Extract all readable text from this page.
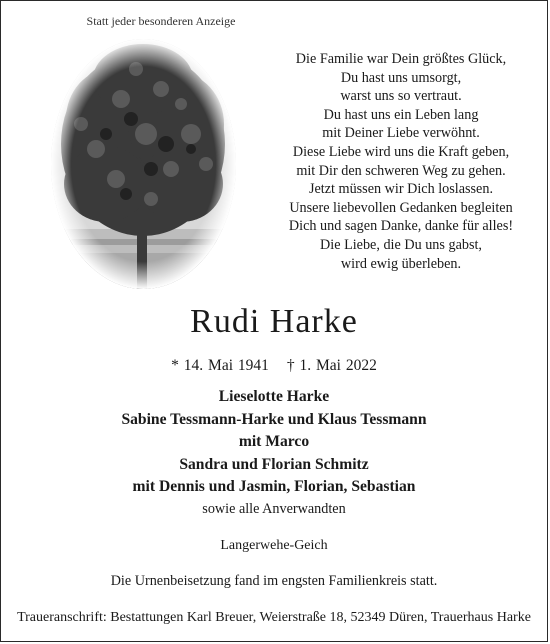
Statt jeder besonderen Anzeige
Die Familie war Dein größtes Glück,
Du hast uns umsorgt,
warst uns so vertraut.
Du hast uns ein Leben lang
mit Deiner Liebe verwöhnt.
Diese Liebe wird uns die Kraft geben,
mit Dir den schweren Weg zu gehen.
Jetzt müssen wir Dich loslassen.
Unsere liebevollen Gedanken begleiten
Dich und sagen Danke, danke für alles!
Die Liebe, die Du uns gabst,
wird ewig überleben.
Rudi Harke
* 14. Mai 1941 † 1. Mai 2022
Lieselotte Harke
Sabine Tessmann-Harke und Klaus Tessmann
mit Marco
Sandra und Florian Schmitz
mit Dennis und Jasmin, Florian, Sebastian
sowie alle Anverwandten
Langerwehe-Geich
Die Urnenbeisetzung fand im engsten Familienkreis statt.
Traueranschrift: Bestattungen Karl Breuer, Weierstraße 18, 52349 Düren, Trauerhaus Harke
